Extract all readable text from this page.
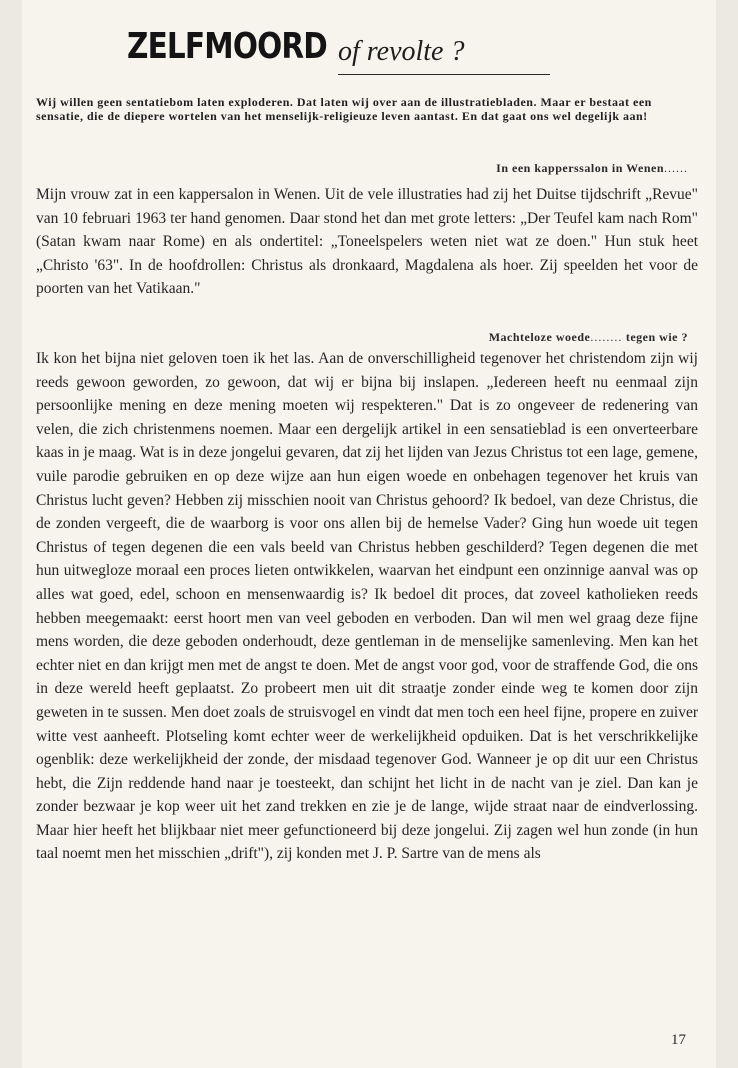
ZELFMOORD of revolte ?
Wij willen geen sentatiebom laten exploderen. Dat laten wij over aan de illustratiebladen. Maar er bestaat een sensatie, die de diepere wortelen van het menselijk-religieuze leven aantast. En dat gaat ons wel degelijk aan!
In een kapperssalon in Wenen......

Mijn vrouw zat in een kappersalon in Wenen. Uit de vele illustraties had zij het Duitse tijdschrift „Revue" van 10 februari 1963 ter hand genomen. Daar stond het dan met grote letters: „Der Teufel kam nach Rom" (Satan kwam naar Rome) en als ondertitel: „Toneelspelers weten niet wat ze doen." Hun stuk heet „Christo '63". In de hoofdrollen: Christus als dronkaard, Magdalena als hoer. Zij speelden het voor de poorten van het Vatikaan."

Machteloze woede........ tegen wie ?

Ik kon het bijna niet geloven toen ik het las. Aan de onverschilligheid tegenover het christendom zijn wij reeds gewoon geworden, zo gewoon, dat wij er bijna bij inslapen. „Iedereen heeft nu eenmaal zijn persoonlijke mening en deze mening moeten wij respekteren." Dat is zo ongeveer de redenering van velen, die zich christenmens noemen. Maar een dergelijk artikel in een sensatieblad is een onverteerbare kaas in je maag. Wat is in deze jongelui gevaren, dat zij het lijden van Jezus Christus tot een lage, gemene, vuile parodie gebruiken en op deze wijze aan hun eigen woede en onbehagen tegenover het kruis van Christus lucht geven? Hebben zij misschien nooit van Christus gehoord? Ik bedoel, van deze Christus, die de zonden vergeeft, die de waarborg is voor ons allen bij de hemelse Vader? Ging hun woede uit tegen Christus of tegen degenen die een vals beeld van Christus hebben geschilderd? Tegen degenen die met hun uitwegloze moraal een proces lieten ontwikkelen, waarvan het eindpunt een onzinnige aanval was op alles wat goed, edel, schoon en mensenwaardig is? Ik bedoel dit proces, dat zoveel katholieken reeds hebben meegemaakt: eerst hoort men van veel geboden en verboden. Dan wil men wel graag deze fijne mens worden, die deze geboden onderhoudt, deze gentleman in de menselijke samenleving. Men kan het echter niet en dan krijgt men met de angst te doen. Met de angst voor god, voor de straffende God, die ons in deze wereld heeft geplaatst. Zo probeert men uit dit straatje zonder einde weg te komen door zijn geweten in te sussen. Men doet zoals de struisvogel en vindt dat men toch een heel fijne, propere en zuiver witte vest aanheeft. Plotseling komt echter weer de werkelijkheid opduiken. Dat is het verschrikkelijke ogenblik: deze werkelijkheid der zonde, der misdaad tegenover God. Wanneer je op dit uur een Christus hebt, die Zijn reddende hand naar je toesteekt, dan schijnt het licht in de nacht van je ziel. Dan kan je zonder bezwaar je kop weer uit het zand trekken en zie je de lange, wijde straat naar de eindverlossing. Maar hier heeft het blijkbaar niet meer gefunctioneerd bij deze jongelui. Zij zagen wel hun zonde (in hun taal noemt men het misschien „drift"), zij konden met J. P. Sartre van de mens als

17
